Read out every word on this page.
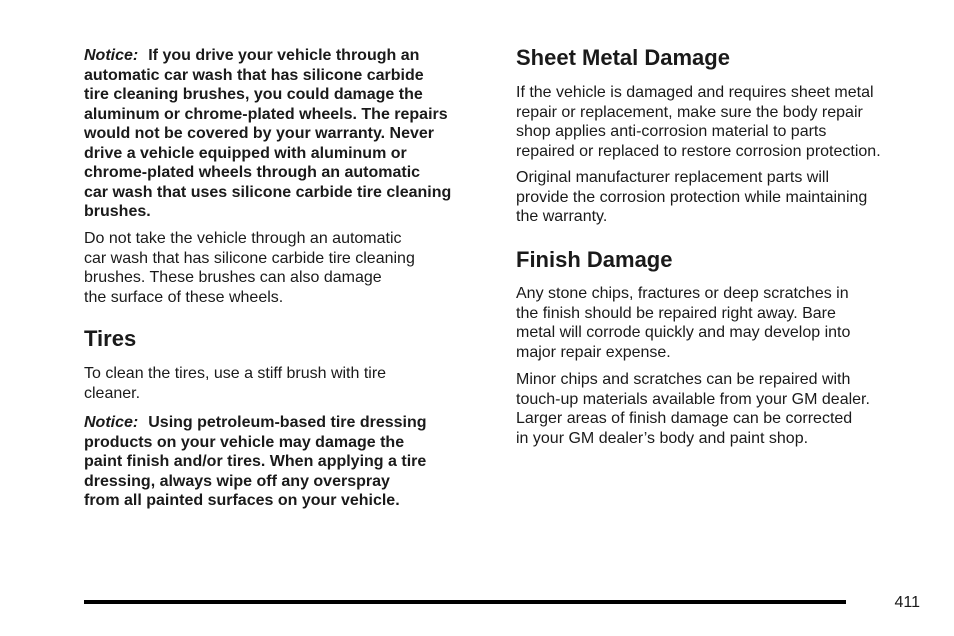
Notice: If you drive your vehicle through an
automatic car wash that has silicone carbide
tire cleaning brushes, you could damage the
aluminum or chrome-plated wheels. The repairs
would not be covered by your warranty. Never
drive a vehicle equipped with aluminum or
chrome-plated wheels through an automatic
car wash that uses silicone carbide tire cleaning
brushes.

Do not take the vehicle through an automatic
car wash that has silicone carbide tire cleaning
brushes. These brushes can also damage
the surface of these wheels.

Tires

To clean the tires, use a stiff brush with tire
cleaner.

Notice: Using petroleum-based tire dressing
products on your vehicle may damage the
paint finish and/or tires. When applying a tire
dressing, always wipe off any overspray
from all painted surfaces on your vehicle.

Sheet Metal Damage

If the vehicle is damaged and requires sheet metal
repair or replacement, make sure the body repair
shop applies anti-corrosion material to parts
repaired or replaced to restore corrosion protection.

Original manufacturer replacement parts will
provide the corrosion protection while maintaining
the warranty.

Finish Damage

Any stone chips, fractures or deep scratches in
the finish should be repaired right away. Bare
metal will corrode quickly and may develop into
major repair expense.

Minor chips and scratches can be repaired with
touch-up materials available from your GM dealer.
Larger areas of finish damage can be corrected
in your GM dealer’s body and paint shop.

411
